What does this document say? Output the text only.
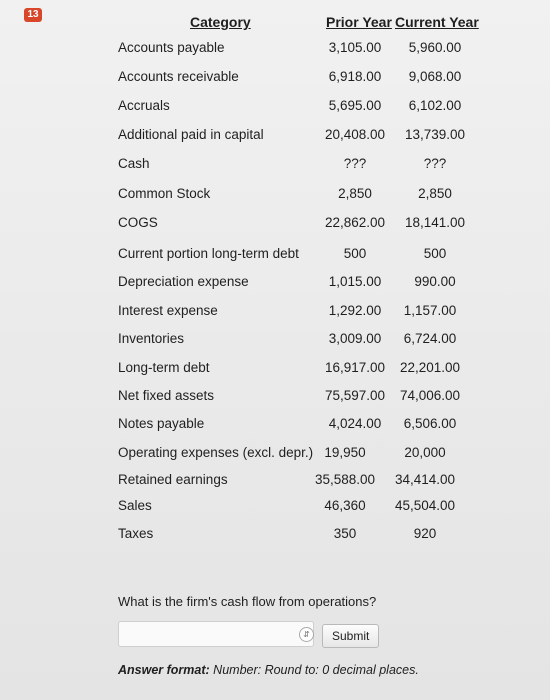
13	Category	Prior Year Current Year
Accounts payable	3,105.00	5,960.00
Accounts receivable	6,918.00	9,068.00
Accruals	5,695.00	6,102.00
Additional paid in capital	20,408.00	13,739.00
Cash	???	???
Common Stock	2,850	2,850
COGS	22,862.00	18,141.00
Current portion long-term debt	500	500
Depreciation expense	1,015.00	990.00
Interest expense	1,292.00	1,157.00
Inventories	3,009.00	6,724.00
Long-term debt	16,917.00	22,201.00
Net fixed assets	75,597.00	74,006.00
Notes payable	4,024.00	6,506.00
Operating expenses (excl. depr.) 19,950	20,000
Retained earnings	35,588.00	34,414.00
Sales	46,360	45,504.00
Taxes	350	920
What is the firm's cash flow from operations?
⇵	Submit
Answer format: Number: Round to: 0 decimal places.
